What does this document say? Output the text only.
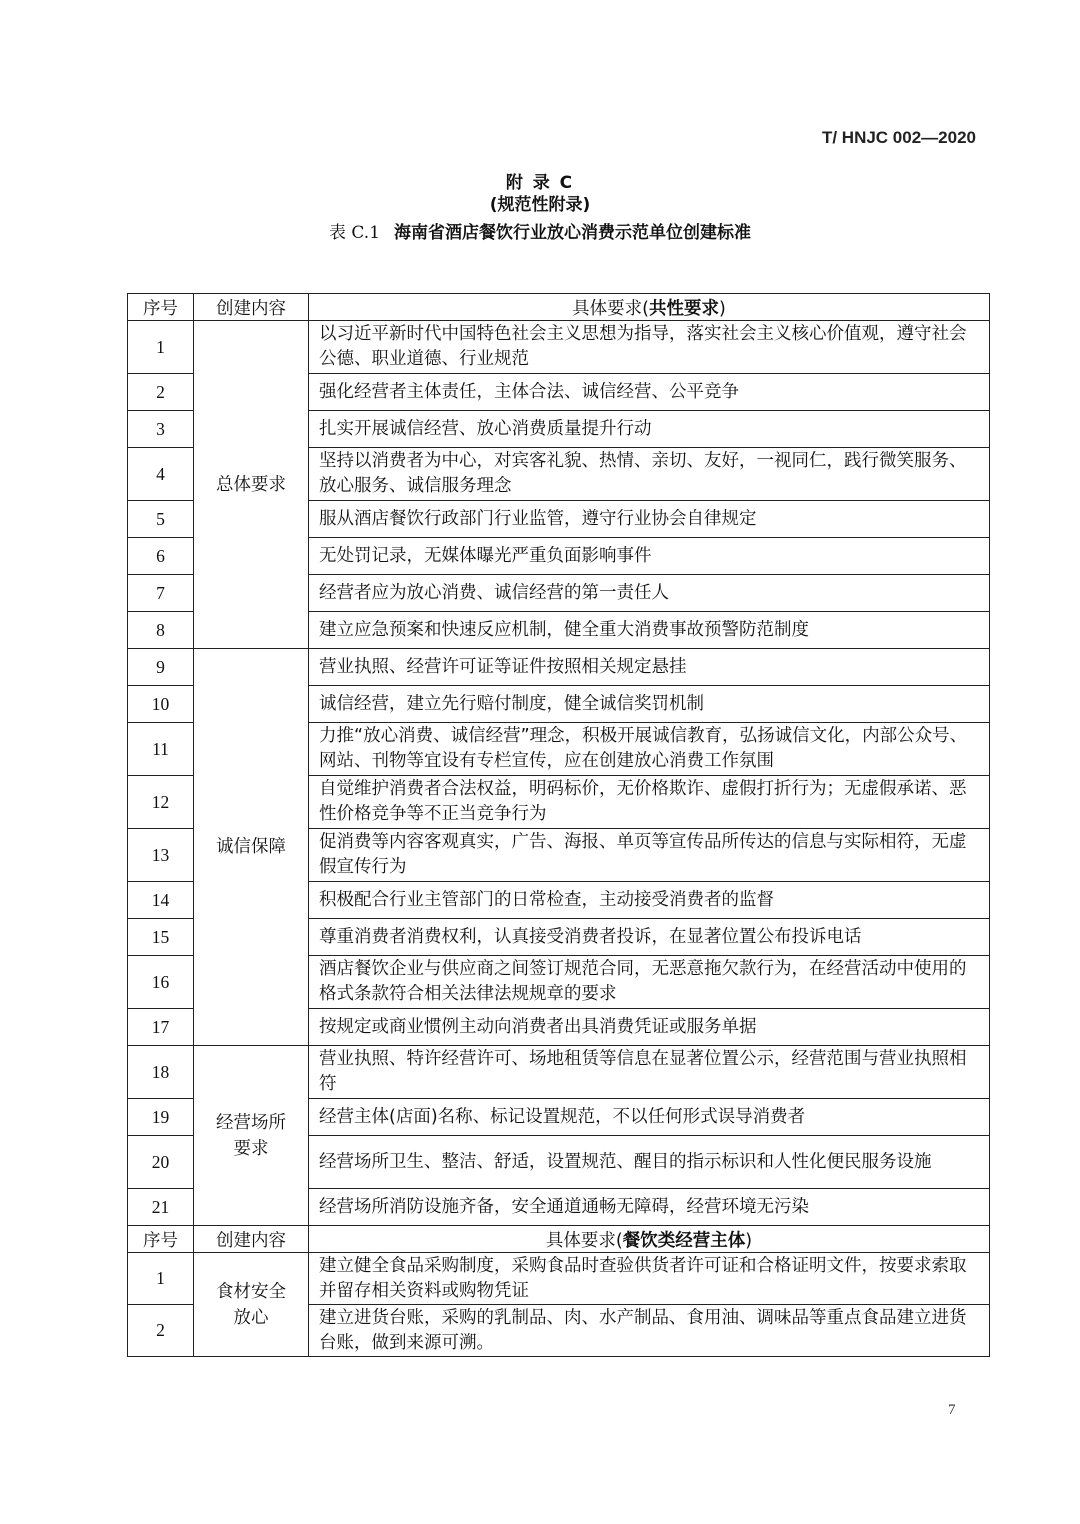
T/ HNJC 002—2020
附 录 C
(规范性附录)
表 C.1 海南省酒店餐饮行业放心消费示范单位创建标准
序号	创建内容	具体要求(共性要求)
1	总体要求	以习近平新时代中国特色社会主义思想为指导，落实社会主义核心价值观，遵守社会公德、职业道德、行业规范
2		强化经营者主体责任，主体合法、诚信经营、公平竞争
3		扎实开展诚信经营、放心消费质量提升行动
4		坚持以消费者为中心，对宾客礼貌、热情、亲切、友好，一视同仁，践行微笑服务、放心服务、诚信服务理念
5		服从酒店餐饮行政部门行业监管，遵守行业协会自律规定
6		无处罚记录，无媒体曝光严重负面影响事件
7		经营者应为放心消费、诚信经营的第一责任人
8		建立应急预案和快速反应机制，健全重大消费事故预警防范制度
9	诚信保障	营业执照、经营许可证等证件按照相关规定悬挂
10		诚信经营，建立先行赔付制度，健全诚信奖罚机制
11		力推“放心消费、诚信经营”理念，积极开展诚信教育，弘扬诚信文化，内部公众号、网站、刊物等宜设有专栏宣传，应在创建放心消费工作氛围
12		自觉维护消费者合法权益，明码标价，无价格欺诈、虚假打折行为；无虚假承诺、恶性价格竞争等不正当竞争行为
13		促消费等内容客观真实，广告、海报、单页等宣传品所传达的信息与实际相符，无虚假宣传行为
14		积极配合行业主管部门的日常检查，主动接受消费者的监督
15		尊重消费者消费权利，认真接受消费者投诉，在显著位置公布投诉电话
16		酒店餐饮企业与供应商之间签订规范合同，无恶意拖欠款行为，在经营活动中使用的格式条款符合相关法律法规规章的要求
17		按规定或商业惯例主动向消费者出具消费凭证或服务单据
18	经营场所要求	营业执照、特许经营许可、场地租赁等信息在显著位置公示，经营范围与营业执照相符
19		经营主体(店面)名称、标记设置规范，不以任何形式误导消费者
20		经营场所卫生、整洁、舒适，设置规范、醒目的指示标识和人性化便民服务设施
21		经营场所消防设施齐备，安全通道通畅无障碍，经营环境无污染
序号	创建内容	具体要求(餐饮类经营主体)
1	食材安全放心	建立健全食品采购制度，采购食品时查验供货者许可证和合格证明文件，按要求索取并留存相关资料或购物凭证
2		建立进货台账，采购的乳制品、肉、水产制品、食用油、调味品等重点食品建立进货台账，做到来源可溯。
7
